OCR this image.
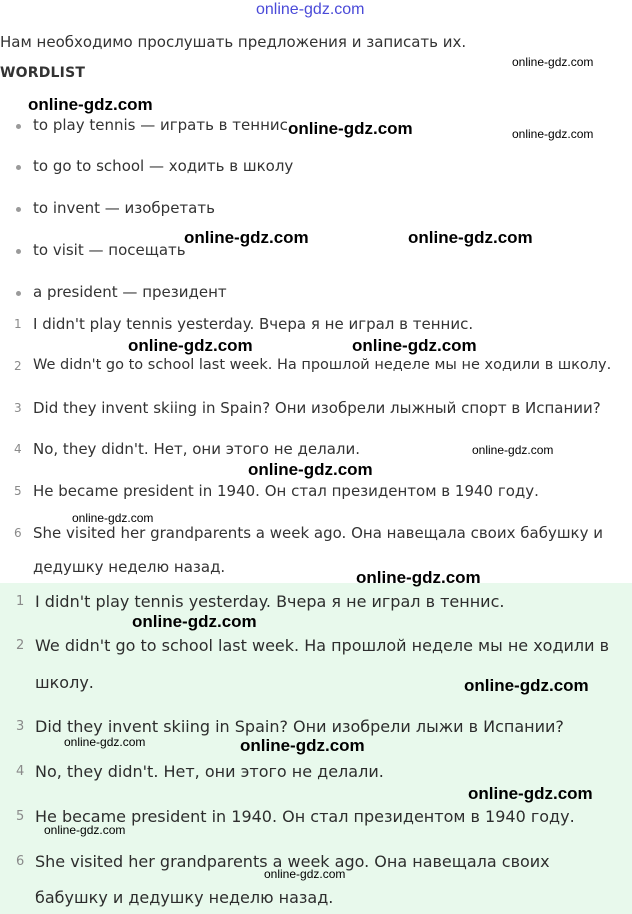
online-gdz.com
Нам необходимо прослушать предложения и записать их.
WORDLIST
to play tennis — играть в теннис
to go to school — ходить в школу
to invent — изобретать
to visit — посещать
a president — президент
1 I didn't play tennis yesterday. Вчера я не играл в теннис.
2 We didn't go to school last week. На прошлой неделе мы не ходили в школу.
3 Did they invent skiing in Spain? Они изобрели лыжный спорт в Испании?
4 No, they didn't. Нет, они этого не делали.
5 He became president in 1940. Он стал президентом в 1940 году.
6 She visited her grandparents a week ago. Она навещала своих бабушку и
дедушку неделю назад.
1 I didn't play tennis yesterday. Вчера я не играл в теннис.
2 We didn't go to school last week. На прошлой неделе мы не ходили в
школу.
3 Did they invent skiing in Spain? Они изобрели лыжи в Испании?
4 No, they didn't. Нет, они этого не делали.
5 He became president in 1940. Он стал президентом в 1940 году.
6 She visited her grandparents a week ago. Она навещала своих
бабушку и дедушку неделю назад.
online-gdz.com
online-gdz.com
online-gdz.com	online-gdz.com
online-gdz.com	online-gdz.com
online-gdz.com	online-gdz.com
online-gdz.com
online-gdz.com
online-gdz.com
online-gdz.com
online-gdz.com
online-gdz.com
online-gdz.com	online-gdz.com
online-gdz.com
online-gdz.com
online-gdz.com
